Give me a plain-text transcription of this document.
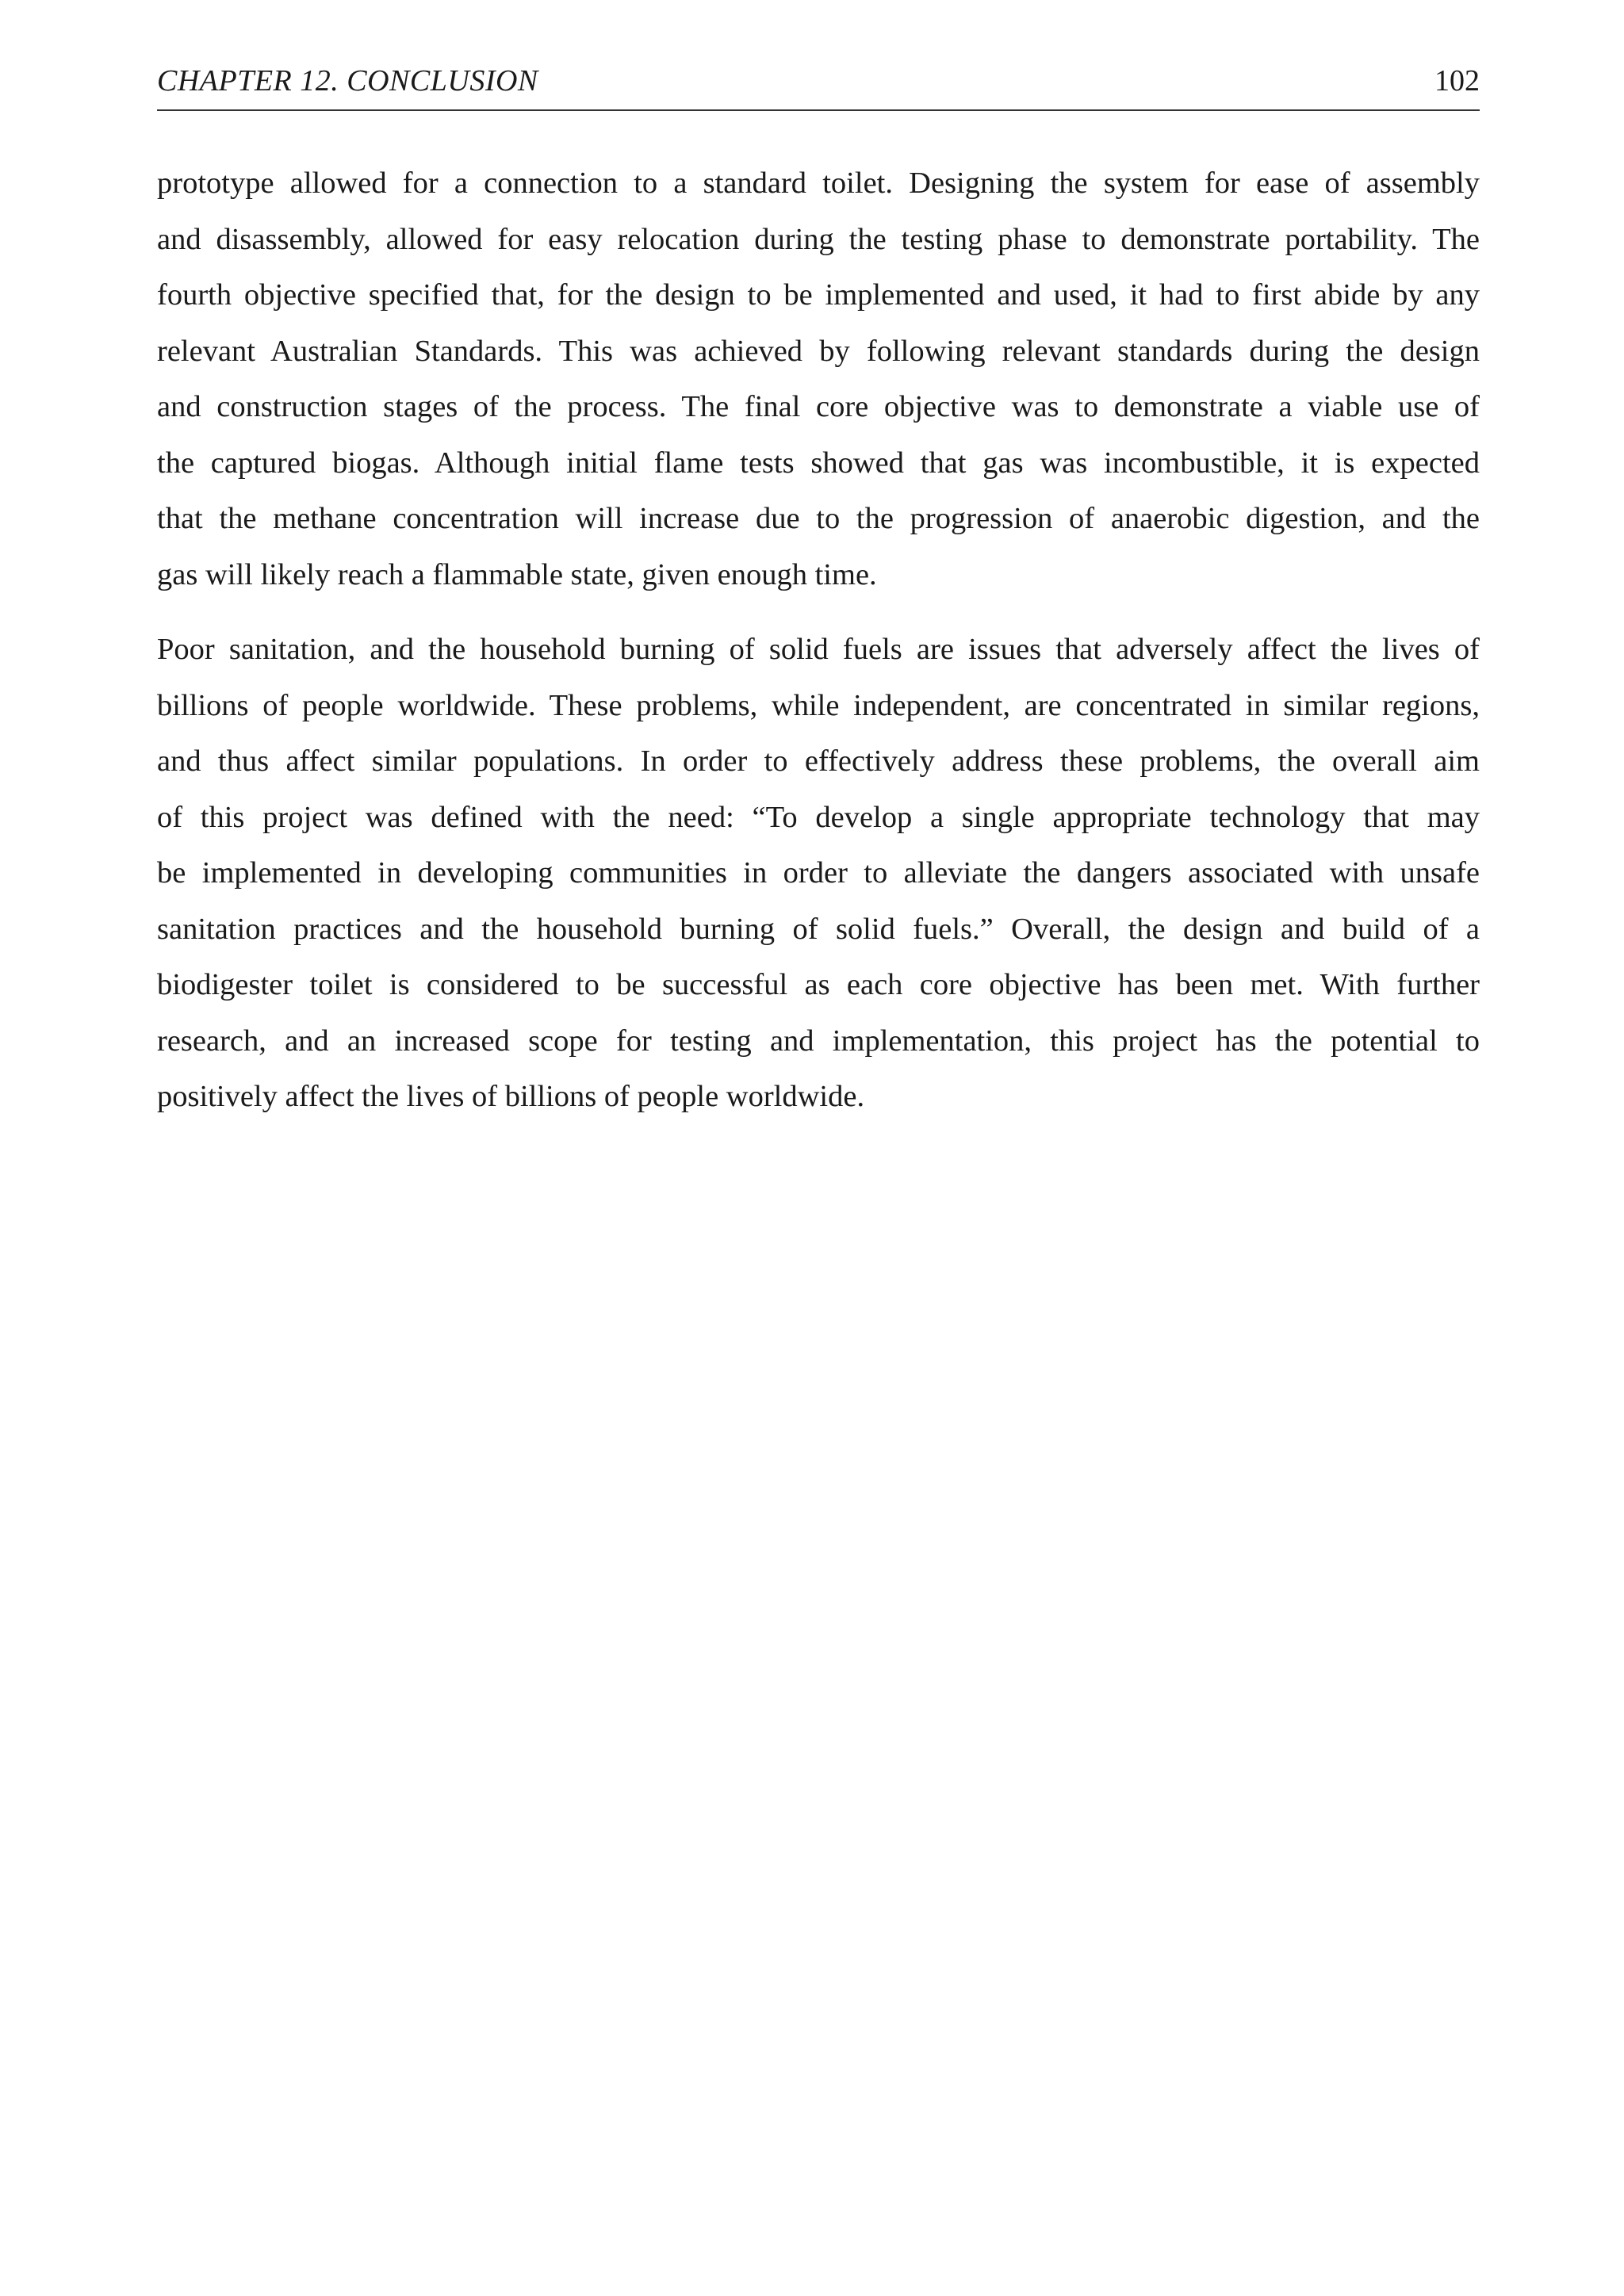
CHAPTER 12. CONCLUSION	102

prototype allowed for a connection to a standard toilet. Designing the system for ease of assembly
and disassembly, allowed for easy relocation during the testing phase to demonstrate portability. The
fourth objective specified that, for the design to be implemented and used, it had to first abide by any
relevant Australian Standards. This was achieved by following relevant standards during the design
and construction stages of the process. The final core objective was to demonstrate a viable use of
the captured biogas. Although initial flame tests showed that gas was incombustible, it is expected
that the methane concentration will increase due to the progression of anaerobic digestion, and the
gas will likely reach a flammable state, given enough time.

Poor sanitation, and the household burning of solid fuels are issues that adversely affect the lives of
billions of people worldwide. These problems, while independent, are concentrated in similar regions,
and thus affect similar populations. In order to effectively address these problems, the overall aim
of this project was defined with the need: “To develop a single appropriate technology that may
be implemented in developing communities in order to alleviate the dangers associated with unsafe
sanitation practices and the household burning of solid fuels.” Overall, the design and build of a
biodigester toilet is considered to be successful as each core objective has been met. With further
research, and an increased scope for testing and implementation, this project has the potential to
positively affect the lives of billions of people worldwide.
